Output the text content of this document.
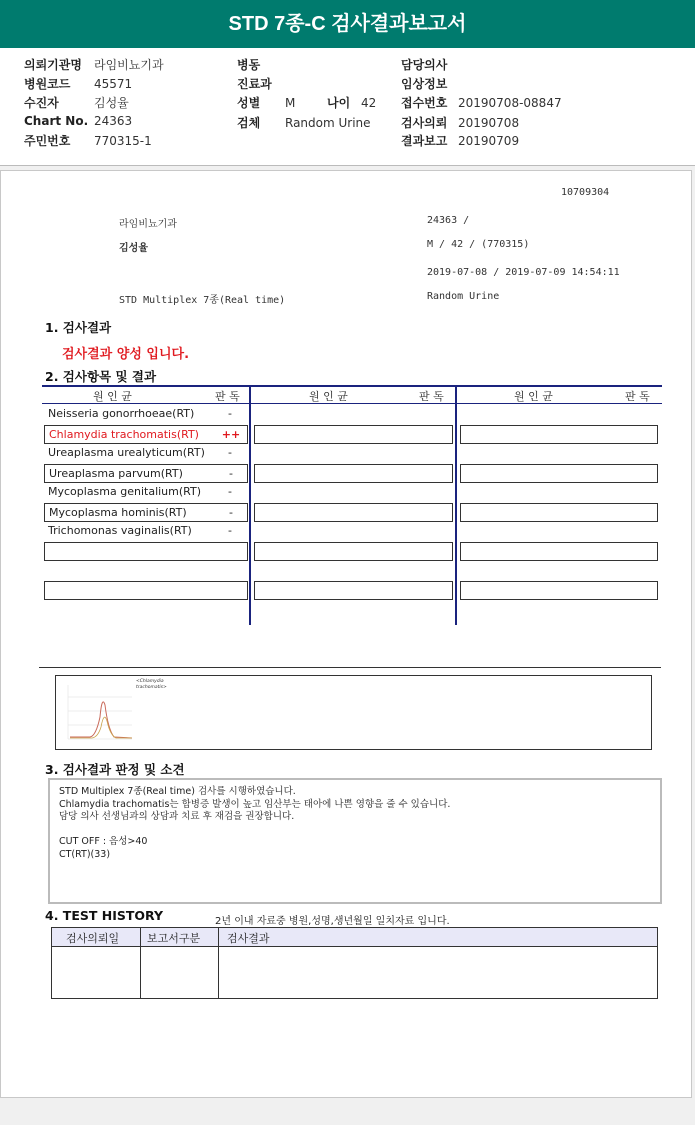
STD 7종-C 검사결과보고서
의뢰기관명 라임비뇨기과
병원코드 45571
수진자	김성율
Chart No. 24363
주민번호 770315-1
담당의사
임상정보
접수번호 20190708-08847
검사의뢰 20190708
결과보고 20190709
병동
진료과
성별 M	나이 42
검체 Random Urine
10709304
라임비뇨기과	24363 /
김성율	M / 42 / (770315)
2019-07-08 / 2019-07-09 14:54:11
STD Multiplex 7종(Real time)	Random Urine
1. 검사결과
검사결과 양성 입니다.
2. 검사항목 및 결과
원 인 균	판 독	원 인 균	판 독	원 인 균	판 독
Neisseria gonorrhoeae(RT)	-
Chlamydia trachomatis(RT) ++
Ureaplasma urealyticum(RT)	-
Ureaplasma parvum(RT)	-
Mycoplasma genitalium(RT)	-
Mycoplasma hominis(RT)	-
Trichomonas vaginalis(RT)	-
<Chlamydia trachomatis>
3. 검사결과 판정 및 소견
STD Multiplex 7종(Real time) 검사를 시행하였습니다.
Chlamydia trachomatis는 합병증 발생이 높고 임산부는 태아에 나쁜 영향을 줄 수 있습니다.
담당 의사 선생님과의 상담과 치료 후 재검을 권장합니다.
CUT OFF : 음성>40
CT(RT)(33)
4. TEST HISTORY	2년 이내 자료중 병원,성명,생년월일 일치자료 입니다.
검사의뢰일	보고서구분 검사결과
